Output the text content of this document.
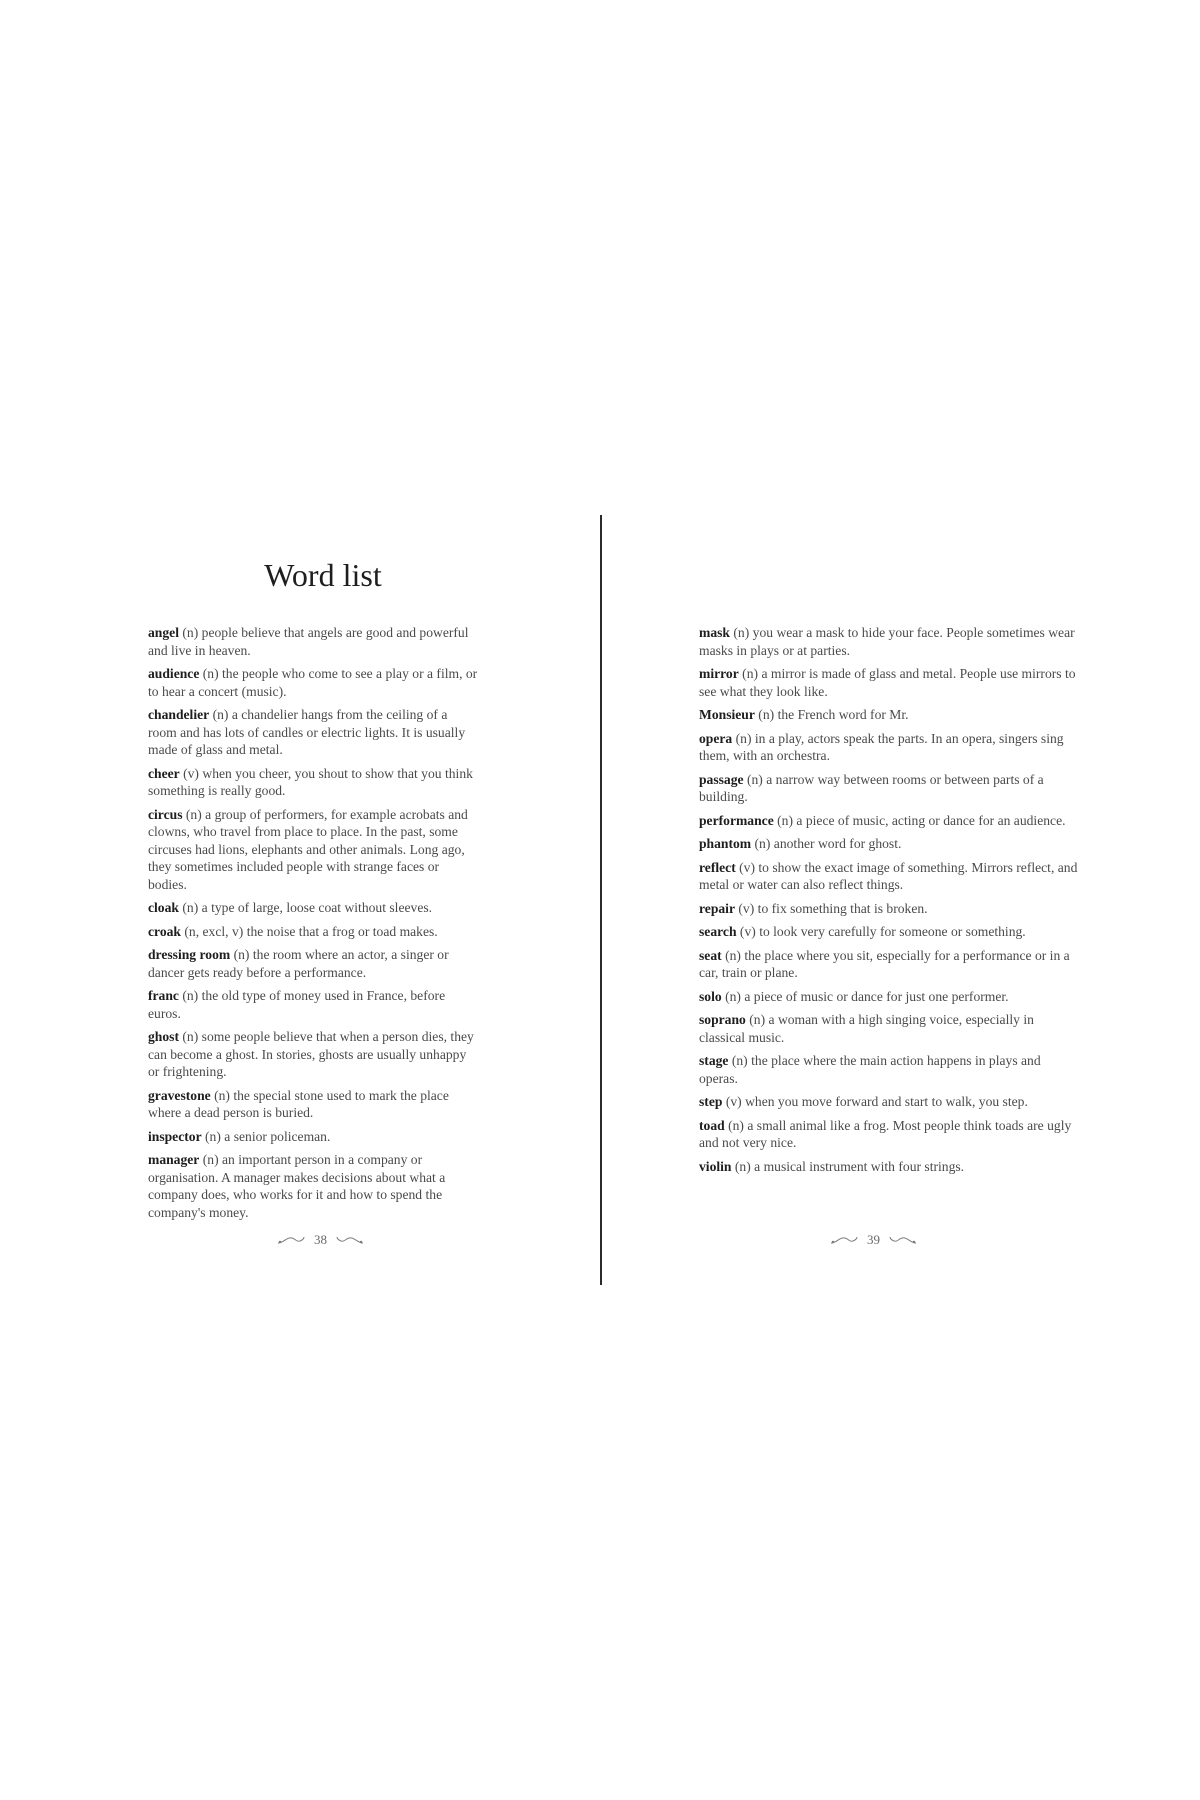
Word list
angel (n) people believe that angels are good and powerful and live in heaven.
audience (n) the people who come to see a play or a film, or to hear a concert (music).
chandelier (n) a chandelier hangs from the ceiling of a room and has lots of candles or electric lights. It is usually made of glass and metal.
cheer (v) when you cheer, you shout to show that you think something is really good.
circus (n) a group of performers, for example acrobats and clowns, who travel from place to place. In the past, some circuses had lions, elephants and other animals. Long ago, they sometimes included people with strange faces or bodies.
cloak (n) a type of large, loose coat without sleeves.
croak (n, excl, v) the noise that a frog or toad makes.
dressing room (n) the room where an actor, a singer or dancer gets ready before a performance.
franc (n) the old type of money used in France, before euros.
ghost (n) some people believe that when a person dies, they can become a ghost. In stories, ghosts are usually unhappy or frightening.
gravestone (n) the special stone used to mark the place where a dead person is buried.
inspector (n) a senior policeman.
manager (n) an important person in a company or organisation. A manager makes decisions about what a company does, who works for it and how to spend the company's money.
38
mask (n) you wear a mask to hide your face. People sometimes wear masks in plays or at parties.
mirror (n) a mirror is made of glass and metal. People use mirrors to see what they look like.
Monsieur (n) the French word for Mr.
opera (n) in a play, actors speak the parts. In an opera, singers sing them, with an orchestra.
passage (n) a narrow way between rooms or between parts of a building.
performance (n) a piece of music, acting or dance for an audience.
phantom (n) another word for ghost.
reflect (v) to show the exact image of something. Mirrors reflect, and metal or water can also reflect things.
repair (v) to fix something that is broken.
search (v) to look very carefully for someone or something.
seat (n) the place where you sit, especially for a performance or in a car, train or plane.
solo (n) a piece of music or dance for just one performer.
soprano (n) a woman with a high singing voice, especially in classical music.
stage (n) the place where the main action happens in plays and operas.
step (v) when you move forward and start to walk, you step.
toad (n) a small animal like a frog. Most people think toads are ugly and not very nice.
violin (n) a musical instrument with four strings.
39
